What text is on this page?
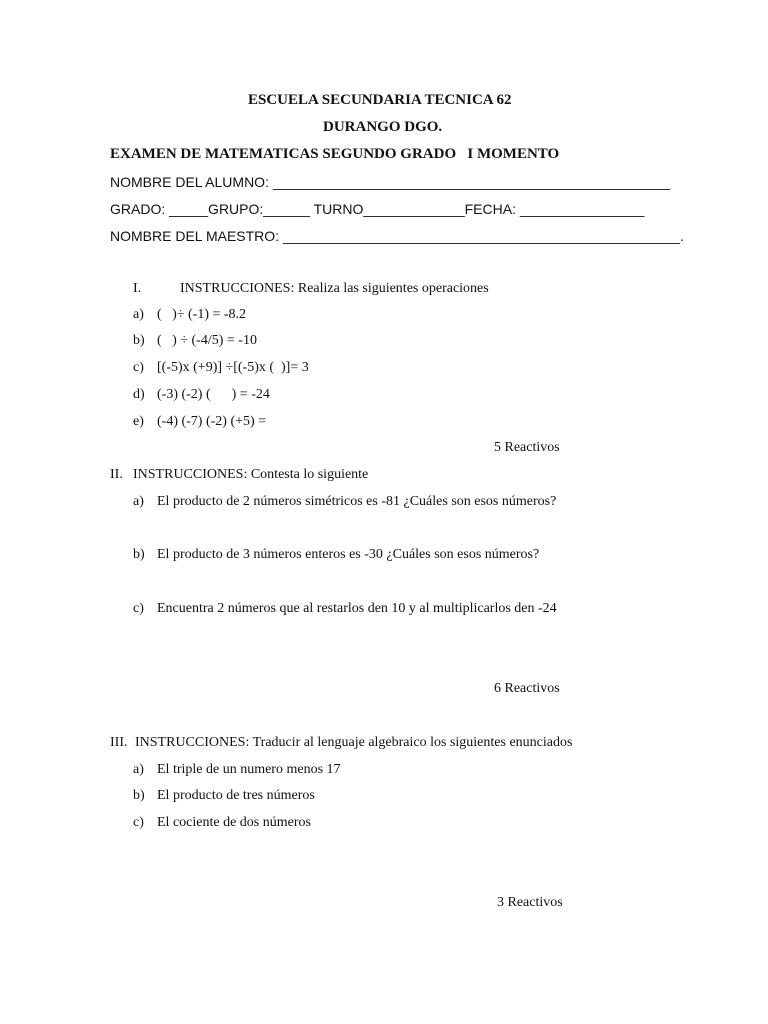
ESCUELA SECUNDARIA TECNICA 62
DURANGO DGO.
EXAMEN DE MATEMATICAS SEGUNDO GRADO   I MOMENTO
NOMBRE DEL ALUMNO: ___________________________________________________
GRADO: _____GRUPO:______ TURNO_____________FECHA: ________________
NOMBRE DEL MAESTRO: ___________________________________________________.
I.	INSTRUCCIONES: Realiza las siguientes operaciones
a) (   )÷ (-1) = -8.2
b) (   ) ÷ (-4/5) = -10
c) [(-5)x (+9)] ÷[(-5)x (  )]= 3
d) (-3) (-2) (      ) = -24
e) (-4) (-7) (-2) (+5) =
5 Reactivos
II. INSTRUCCIONES: Contesta lo siguiente
a) El producto de 2 números simétricos es -81 ¿Cuáles son esos números?
b) El producto de 3 números enteros es -30 ¿Cuáles son esos números?
c) Encuentra 2 números que al restarlos den 10 y al multiplicarlos den -24
6 Reactivos
III. INSTRUCCIONES: Traducir al lenguaje algebraico los siguientes enunciados
a) El triple de un numero menos 17
b) El producto de tres números
c) El cociente de dos números
3 Reactivos
